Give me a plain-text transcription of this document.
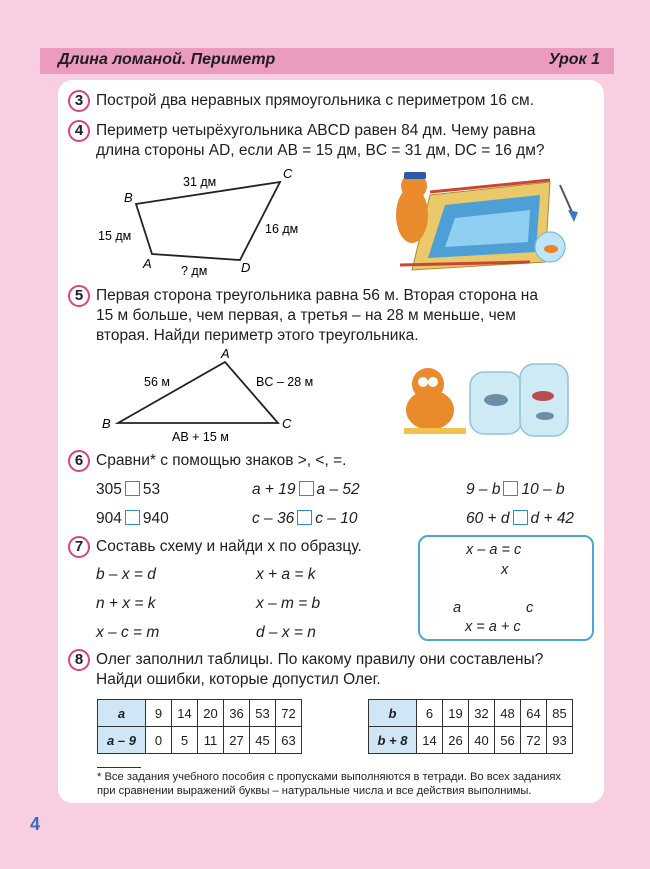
Длина ломаной. Периметр	Урок 1
3 Построй два неравных прямоугольника с периметром 16 см.
4 Периметр четырёхугольника ABCD равен 84 дм. Чему равна
длина стороны AD, если AB = 15 дм, BC = 31 дм, DC = 16 дм?
B
C
A	D
31 дм
15 дм	16 дм
? дм
A
B	C
56 м	BC – 28 м
AB + 15 м
5 Первая сторона треугольника равна 56 м. Вторая сторона на
15 м больше, чем первая, а третья – на 28 м меньше, чем
вторая. Найди периметр этого треугольника.
6 Сравни* с помощью знаков >, <, =.
305 53	a + 19 a – 52	9 – b 10 – b
904 940	c – 36 c – 10	60 + d d + 42
7 Составь схему и найди x по образцу.
b – x = d	x + a = k
n + x = k	x – m = b
x – c = m	d – x = n
x – a = c
x
a	c
x = a + c
8 Олег заполнил таблицы. По какому правилу они составлены?
Найди ошибки, которые допустил Олег.
a	9	14	20	36	53	72
a – 9	0	5	11	27	45	63
b	6	19	32	48	64	85
b + 8	14	26	40	56	72	93
* Все задания учебного пособия с пропусками выполняются в тетради. Во всех заданиях
при сравнении выражений буквы – натуральные числа и все действия выполнимы.
4
